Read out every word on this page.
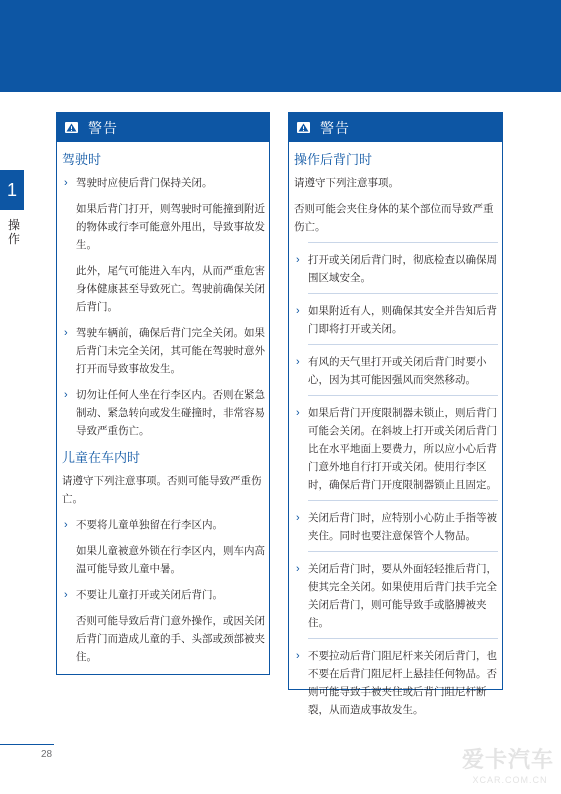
1
操作
警告
驾驶时
› 驾驶时应使后背门保持关闭。
如果后背门打开，则驾驶时可能撞到附近的物体或行李可能意外甩出，导致事故发生。
此外，尾气可能进入车内，从而严重危害身体健康甚至导致死亡。驾驶前确保关闭后背门。
› 驾驶车辆前，确保后背门完全关闭。如果后背门未完全关闭，其可能在驾驶时意外打开而导致事故发生。
› 切勿让任何人坐在行李区内。否则在紧急制动、紧急转向或发生碰撞时，非常容易导致严重伤亡。
儿童在车内时
请遵守下列注意事项。否则可能导致严重伤亡。
› 不要将儿童单独留在行李区内。
如果儿童被意外锁在行李区内，则车内高温可能导致儿童中暑。
› 不要让儿童打开或关闭后背门。
否则可能导致后背门意外操作，或因关闭后背门而造成儿童的手、头部或颈部被夹住。
警告
操作后背门时
请遵守下列注意事项。
否则可能会夹住身体的某个部位而导致严重伤亡。
› 打开或关闭后背门时，彻底检查以确保周围区域安全。
› 如果附近有人，则确保其安全并告知后背门即将打开或关闭。
› 有风的天气里打开或关闭后背门时要小心，因为其可能因强风而突然移动。
› 如果后背门开度限制器未锁止，则后背门可能会关闭。在斜坡上打开或关闭后背门比在水平地面上要费力，所以应小心后背门意外地自行打开或关闭。使用行李区时，确保后背门开度限制器锁止且固定。
› 关闭后背门时，应特别小心防止手指等被夹住。同时也要注意保管个人物品。
› 关闭后背门时，要从外面轻轻推后背门，使其完全关闭。如果使用后背门扶手完全关闭后背门，则可能导致手或胳膊被夹住。
› 不要拉动后背门阻尼杆来关闭后背门，也不要在后背门阻尼杆上悬挂任何物品。否则可能导致手被夹住或后背门阻尼杆断裂，从而造成事故发生。
28	爱卡汽车
XCAR.COM.CN
